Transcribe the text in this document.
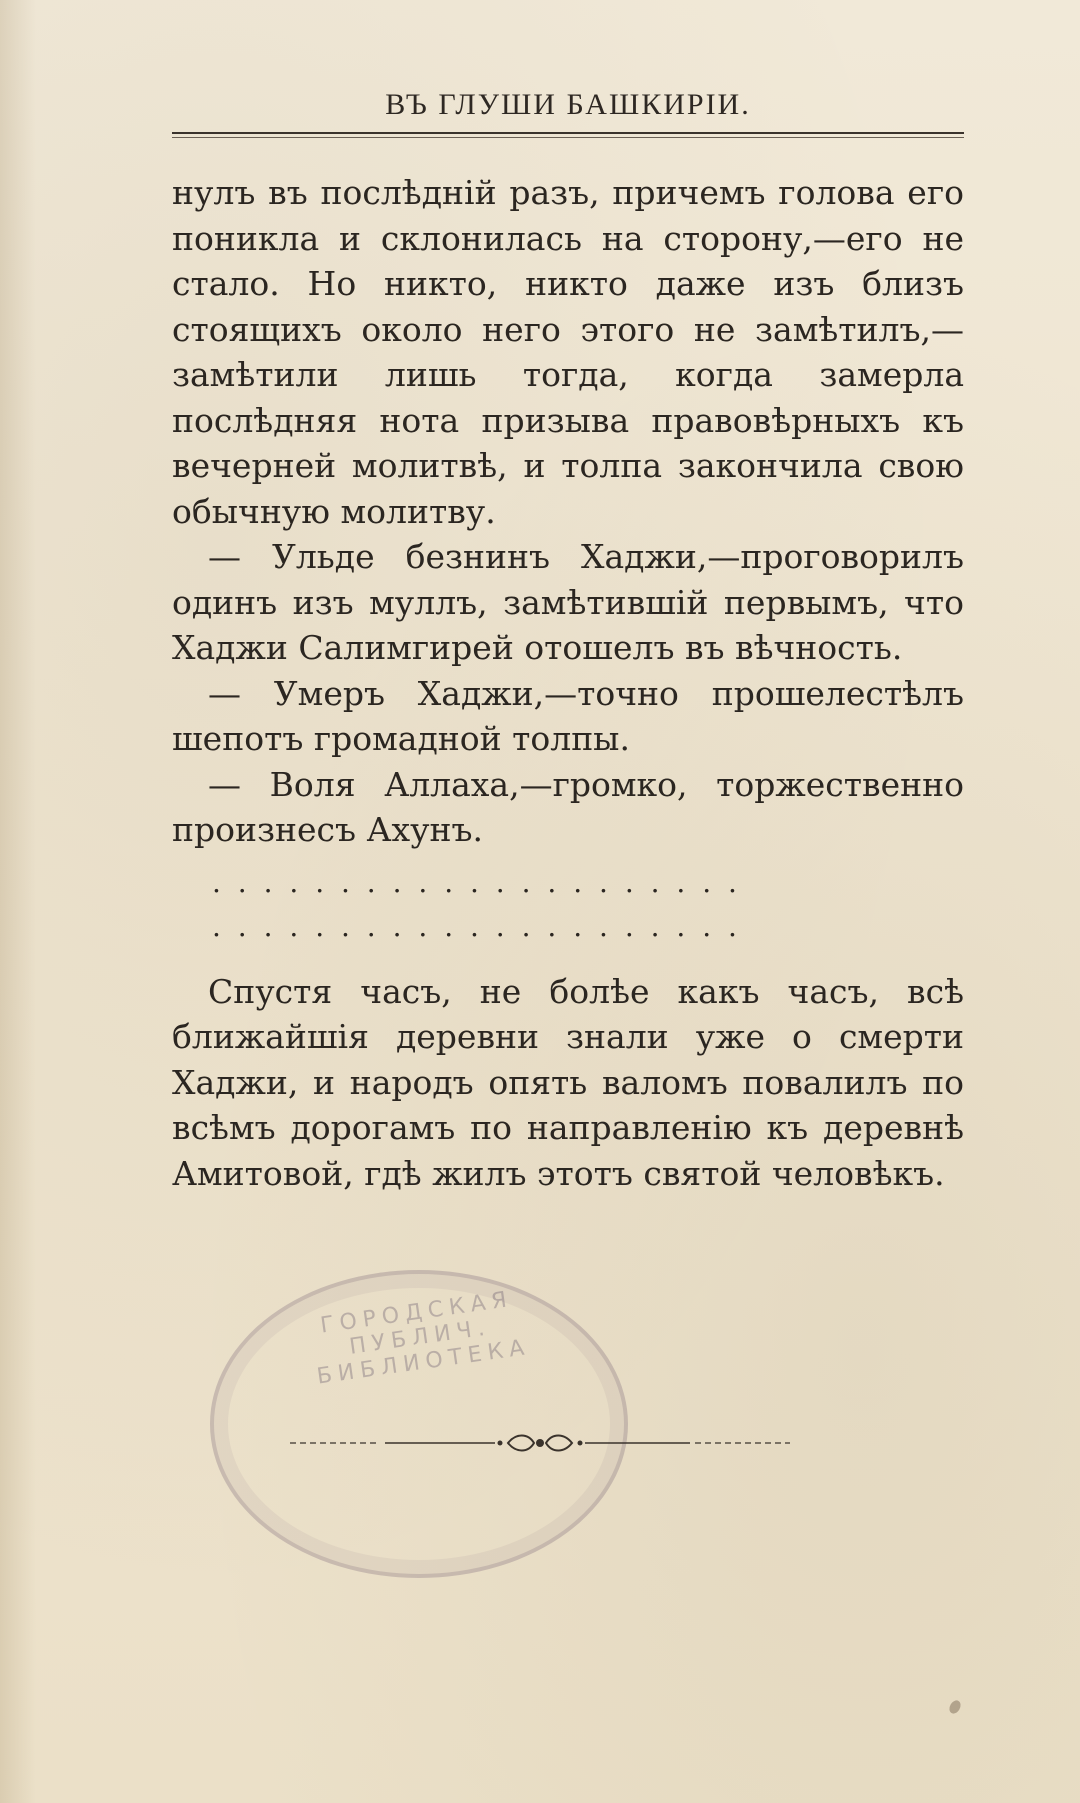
ВЪ ГЛУШИ БАШКИРІИ.

нулъ въ послѣдній разъ, причемъ голова его поникла и склонилась на сторону,—его не стало. Но никто, никто даже изъ близъ стоящихъ около него этого не замѣтилъ,— замѣтили лишь тогда, когда замерла послѣдняя нота призыва правовѣрныхъ къ вечерней молитвѣ, и толпа закончила свою обычную молитву.

— Ульде безнинъ Хаджи,—проговорилъ одинъ изъ муллъ, замѣтившій первымъ, что Хаджи Салимгирей отошелъ въ вѣчность.

— Умеръ Хаджи,—точно прошелестѣлъ шепотъ громадной толпы.

— Воля Аллаха,—громко, торжественно произнесъ Ахунъ.

. . . . . . . . . . . . . . . . . . . . .
. . . . . . . . . . . . . . . . . . . . .

Спустя часъ, не болѣе какъ часъ, всѣ ближайшія деревни знали уже о смерти Хаджи, и народъ опять валомъ повалилъ по всѣмъ дорогамъ по направленію къ деревнѣ Амитовой, гдѣ жилъ этотъ святой человѣкъ.

ГОРОДСКАЯ ПУБЛИЧ. БИБЛИОТЕКА
